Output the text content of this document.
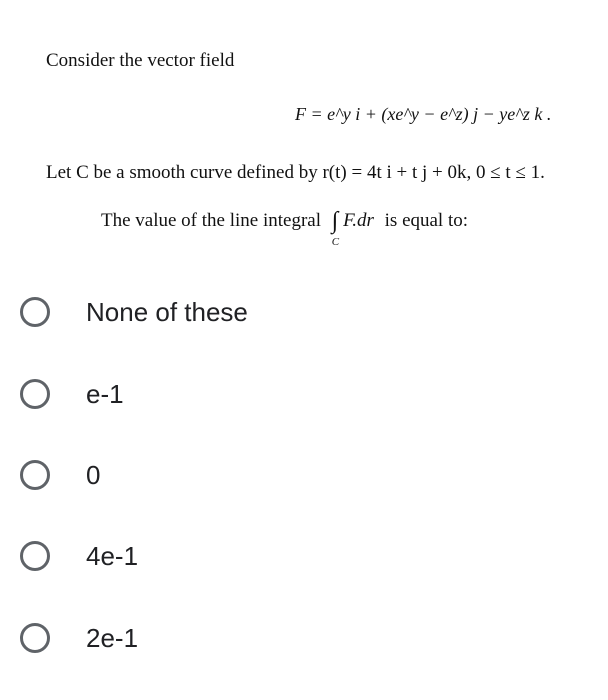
Consider the vector field
F = e^y i + (xe^y − e^z) j − ye^z k .
Let C be a smooth curve defined by r(t) = 4t i + t j + 0k, 0 ≤ t ≤ 1.
The value of the line integral ∫
C
F.dr is equal to:
None of these
e-1
0
4e-1
2e-1
